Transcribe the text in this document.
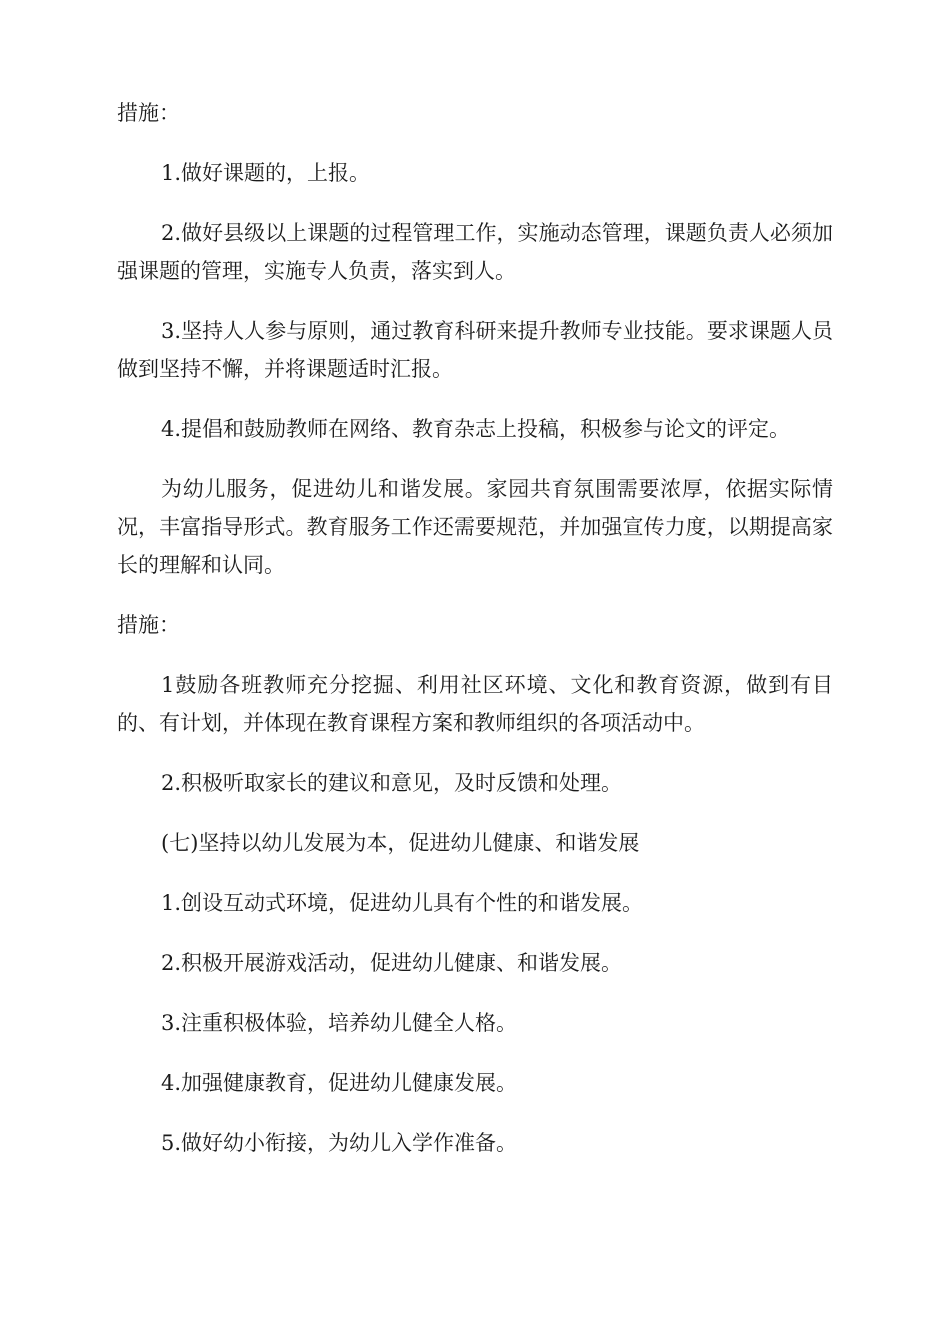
措施：

1.做好课题的，上报。

2.做好县级以上课题的过程管理工作，实施动态管理，课题负责人必须加强课题的管理，实施专人负责，落实到人。

3.坚持人人参与原则，通过教育科研来提升教师专业技能。要求课题人员做到坚持不懈，并将课题适时汇报。

4.提倡和鼓励教师在网络、教育杂志上投稿，积极参与论文的评定。

为幼儿服务，促进幼儿和谐发展。家园共育氛围需要浓厚，依据实际情况，丰富指导形式。教育服务工作还需要规范，并加强宣传力度，以期提高家长的理解和认同。

措施：

1鼓励各班教师充分挖掘、利用社区环境、文化和教育资源，做到有目的、有计划，并体现在教育课程方案和教师组织的各项活动中。

2.积极听取家长的建议和意见，及时反馈和处理。

(七)坚持以幼儿发展为本，促进幼儿健康、和谐发展

1.创设互动式环境，促进幼儿具有个性的和谐发展。

2.积极开展游戏活动，促进幼儿健康、和谐发展。

3.注重积极体验，培养幼儿健全人格。

4.加强健康教育，促进幼儿健康发展。

5.做好幼小衔接，为幼儿入学作准备。
